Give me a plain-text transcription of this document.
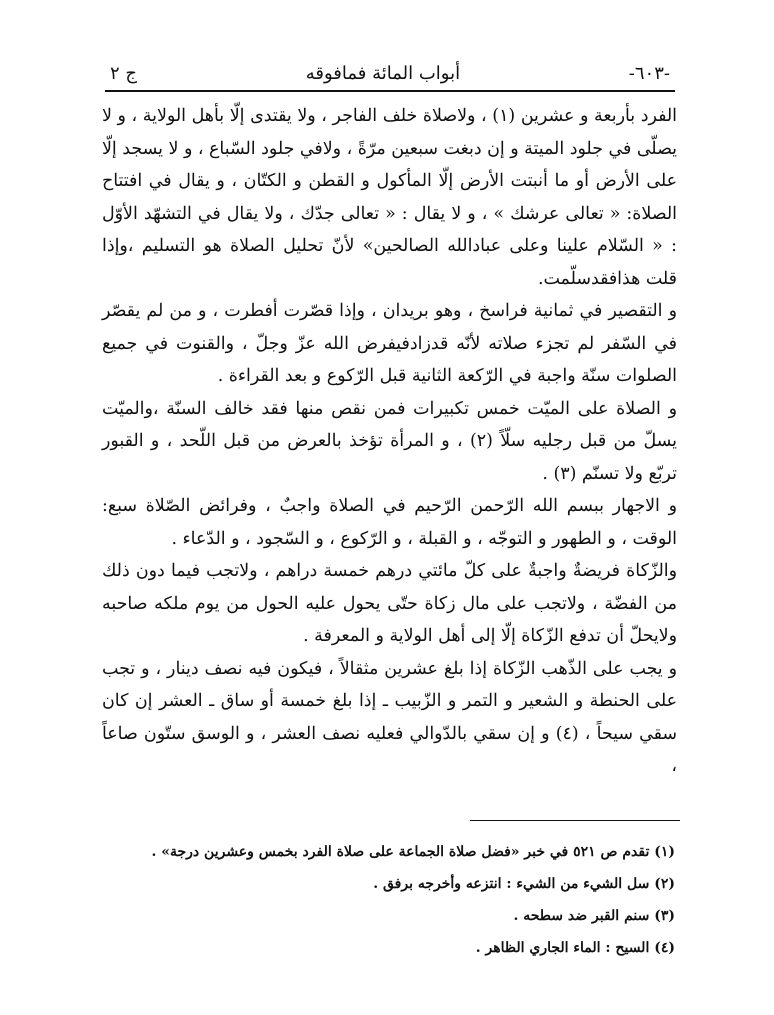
-٦٠٣-
أبواب المائة فمافوقه
ج ٢

الفرد بأربعة و عشرين (١) ، ولاصلاة خلف الفاجر ، ولا يقتدى إلّا بأهل الولاية ، و لا يصلّى في جلود الميتة و إن دبغت سبعين مرّةً ، ولافي جلود السّباع ، و لا يسجد إلّا على الأرض أو ما أنبتت الأرض إلّا المأكول و القطن و الكتّان ، و يقال في افتتاح الصلاة: « تعالى عرشك » ، و لا يقال : « تعالى جدّك ، ولا يقال في التشهّد الأوّل : « السّلام علينا وعلى عبادالله الصالحين» لأنّ تحليل الصلاة هو التسليم ،وإذا قلت هذافقدسلّمت.

و التقصير في ثمانية فراسخ ، وهو بريدان ، وإذا قصّرت أفطرت ، و من لم يقصّر في السّفر لم تجزء صلاته لأنّه قدزادفيفرض الله عزّ وجلّ ، والقنوت في جميع الصلوات سنّة واجبة في الرّكعة الثانية قبل الرّكوع و بعد القراءة .

و الصلاة على الميّت خمس تكبيرات فمن نقص منها فقد خالف السنّة ،والميّت يسلّ من قبل رجليه سلّاً (٢) ، و المرأة تؤخذ بالعرض من قبل اللّحد ، و القبور تربّع ولا تسنّم (٣) .

و الاجهار ببسم الله الرّحمن الرّحيم في الصلاة واجبٌ ، وفرائض الصّلاة سبع: الوقت ، و الطهور و التوجّه ، و القبلة ، و الرّكوع ، و السّجود ، و الدّعاء .

والزّكاة فريضةٌ واجبةٌ على كلّ مائتي درهم خمسة دراهم ، ولاتجب فيما دون ذلك من الفضّة ، ولاتجب على مال زكاة حتّى يحول عليه الحول من يوم ملكه صاحبه ولايحلّ أن تدفع الزّكاة إلّا إلى أهل الولاية و المعرفة .

و يجب على الذّهب الزّكاة إذا بلغ عشرين مثقالاً ، فيكون فيه نصف دينار ، و تجب على الحنطة و الشعير و التمر و الزّبيب ـ إذا بلغ خمسة أو ساق ـ العشر إن كان سقي سيحاً ، (٤) و إن سقي بالدّوالي فعليه نصف العشر ، و الوسق ستّون صاعاً ،

(١) تقدم ص ٥٢١ في خبر «فضل صلاة الجماعة على صلاة الفرد بخمس وعشرين درجة» .
(٢) سل الشيء من الشيء : انتزعه وأخرجه برفق .
(٣) سنم القبر ضد سطحه .
(٤) السيح : الماء الجاري الظاهر .
